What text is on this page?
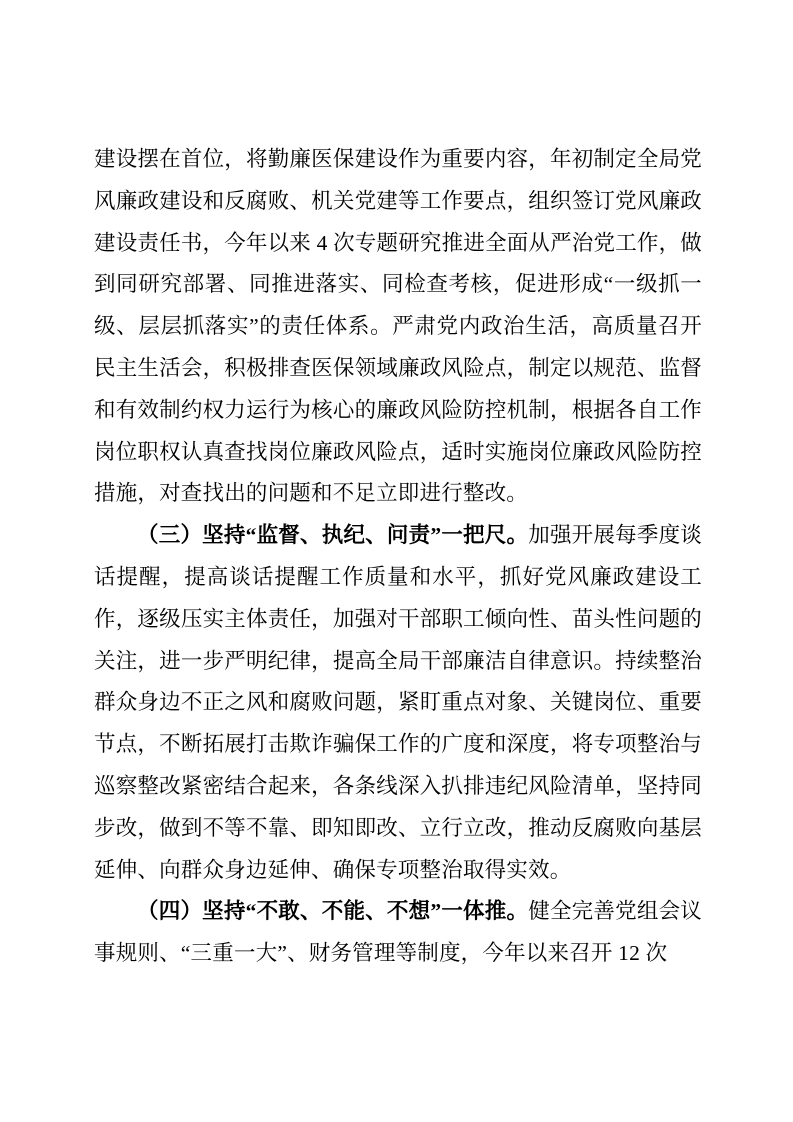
建设摆在首位，将勤廉医保建设作为重要内容，年初制定全局党风廉政建设和反腐败、机关党建等工作要点，组织签订党风廉政建设责任书，今年以来 4 次专题研究推进全面从严治党工作，做到同研究部署、同推进落实、同检查考核，促进形成“一级抓一级、层层抓落实”的责任体系。严肃党内政治生活，高质量召开民主生活会，积极排查医保领域廉政风险点，制定以规范、监督和有效制约权力运行为核心的廉政风险防控机制，根据各自工作岗位职权认真查找岗位廉政风险点，适时实施岗位廉政风险防控措施，对查找出的问题和不足立即进行整改。

（三）坚持“监督、执纪、问责”一把尺。加强开展每季度谈话提醒，提高谈话提醒工作质量和水平，抓好党风廉政建设工作，逐级压实主体责任，加强对干部职工倾向性、苗头性问题的关注，进一步严明纪律，提高全局干部廉洁自律意识。持续整治群众身边不正之风和腐败问题，紧盯重点对象、关键岗位、重要节点，不断拓展打击欺诈骗保工作的广度和深度，将专项整治与巡察整改紧密结合起来，各条线深入扒排违纪风险清单，坚持同步改，做到不等不靠、即知即改、立行立改，推动反腐败向基层延伸、向群众身边延伸、确保专项整治取得实效。

（四）坚持“不敢、不能、不想”一体推。健全完善党组会议事规则、“三重一大”、财务管理等制度，今年以来召开 12 次
